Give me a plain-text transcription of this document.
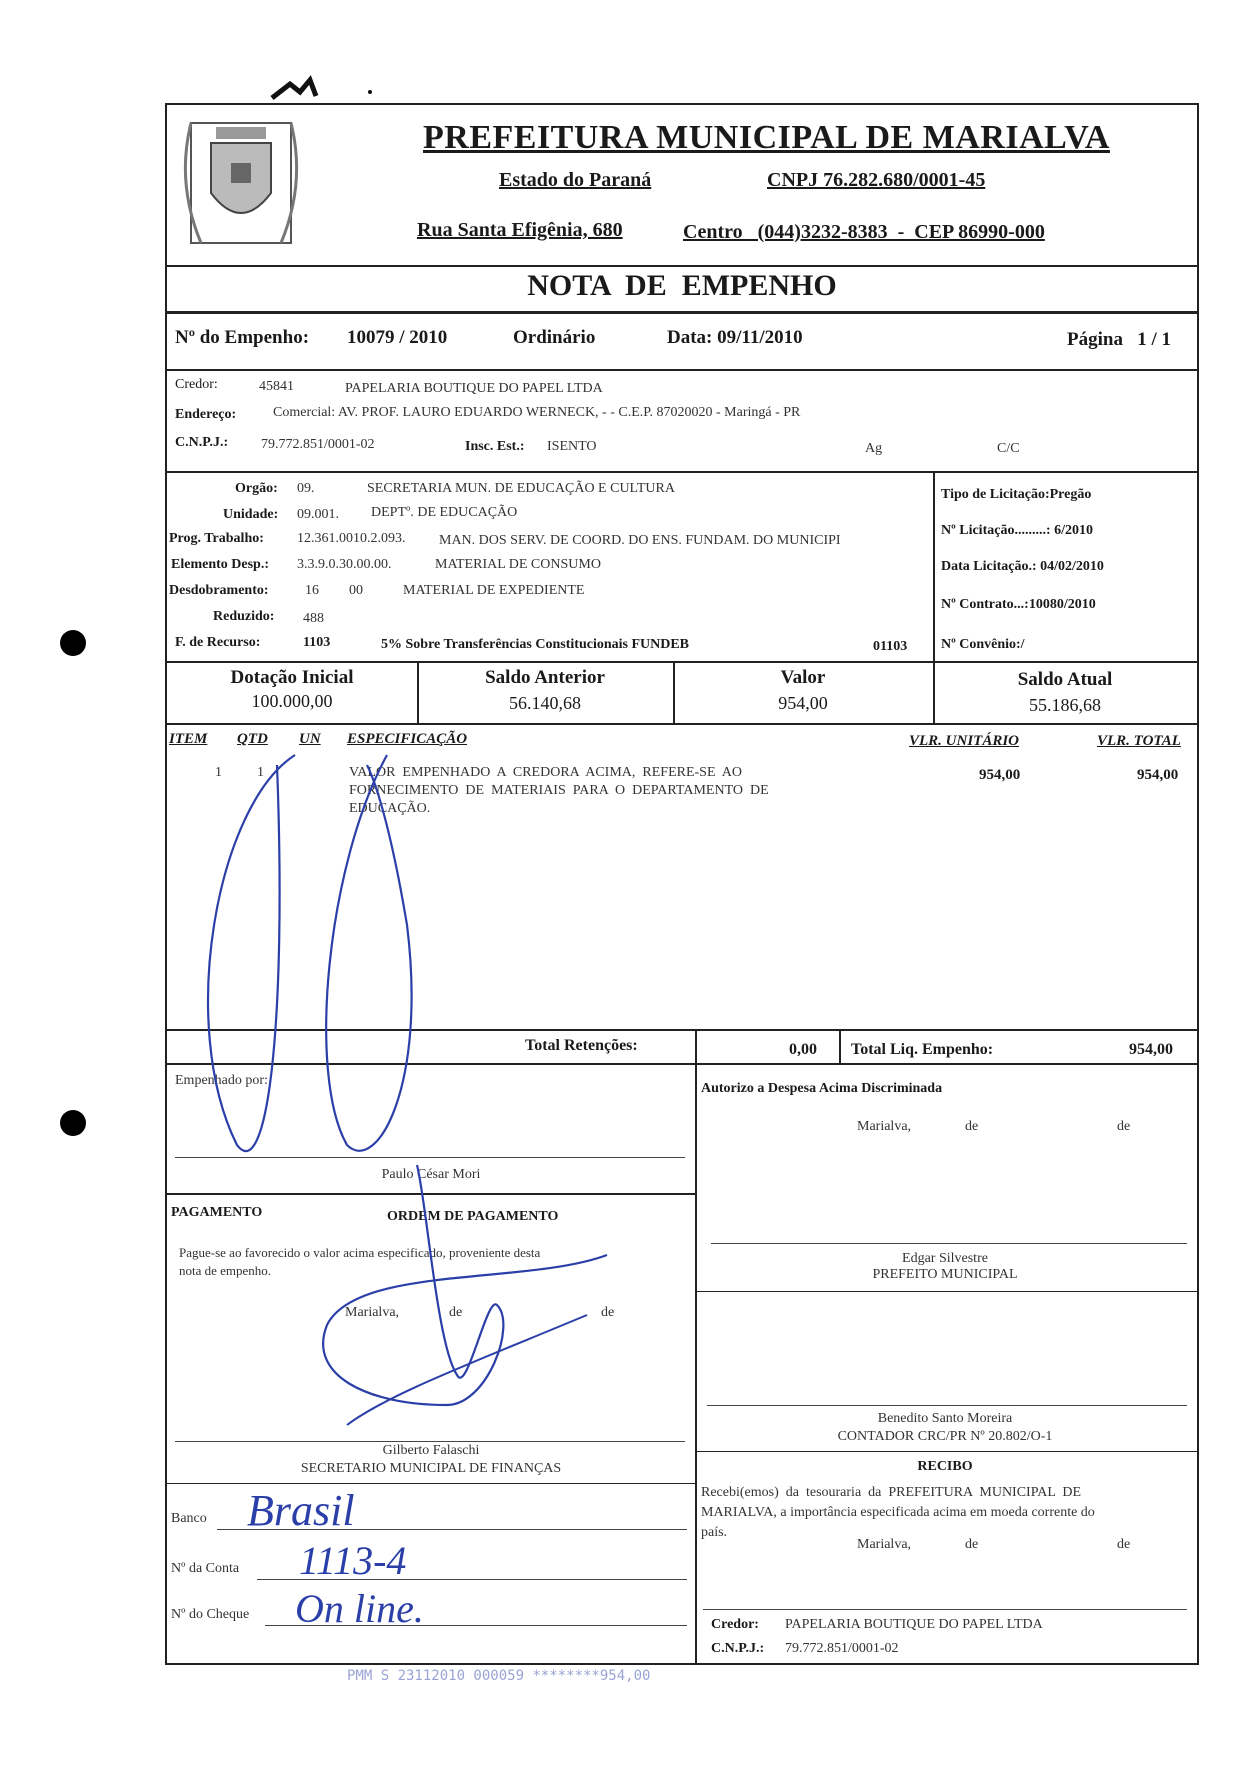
PREFEITURA MUNICIPAL DE MARIALVA
Estado do Paraná	CNPJ 76.282.680/0001-45
Rua Santa Efigênia, 680	Centro   (044)3232-8383  -  CEP 86990-000
NOTA  DE  EMPENHO
Nº do Empenho: 10079 / 2010	Ordinário	Data: 09/11/2010	Página   1 / 1
Credor:	45841	PAPELARIA BOUTIQUE DO PAPEL LTDA
Endereço:	Comercial: AV. PROF. LAURO EDUARDO WERNECK, - - C.E.P. 87020020 - Maringá - PR
C.N.P.J.: 79.772.851/0001-02	Insc. Est.: ISENTO	Ag	C/C
Orgão: 09.	SECRETARIA MUN. DE EDUCAÇÃO E CULTURA
Unidade: 09.001. DEPTº. DE EDUCAÇÃO
Prog. Trabalho: 12.361.0010.2.093. MAN. DOS SERV. DE COORD. DO ENS. FUNDAM. DO MUNICIPI
Elemento Desp.: 3.3.9.0.30.00.00.	MATERIAL DE CONSUMO
Desdobramento:	16 00	MATERIAL DE EXPEDIENTE
Reduzido: 488
F. de Recurso:	1103	5% Sobre Transferências Constitucionais FUNDEB	01103
Tipo de Licitação:Pregão
Nº Licitação.........: 6/2010
Data Licitação.: 04/02/2010
Nº Contrato...:10080/2010
Nº Convênio:/
Dotação Inicial
100.000,00
Saldo Anterior
56.140,68
Valor
954,00
Saldo Atual
55.186,68
ITEM QTD UN ESPECIFICAÇÃO	VLR. UNITÁRIO	VLR. TOTAL
1	1	VALOR  EMPENHADO  A  CREDORA  ACIMA,  REFERE-SE  AO
FORNECIMENTO  DE  MATERIAIS  PARA  O  DEPARTAMENTO  DE
EDUCAÇÃO.
954,00	954,00
Total Retenções:	0,00 Total Liq. Empenho:	954,00
Empenhado por:
Paulo César Mori
PAGAMENTO	ORDEM DE PAGAMENTO
Pague-se ao favorecido o valor acima especificado, proveniente desta
nota de empenho.
Marialva,	de	de
Gilberto Falaschi
SECRETARIO MUNICIPAL DE FINANÇAS
Banco Brasil
Nº da Conta 1113-4
Nº do Cheque On line.
Autorizo a Despesa Acima Discriminada
Marialva,	de	de
Edgar Silvestre
PREFEITO MUNICIPAL
Benedito Santo Moreira
CONTADOR CRC/PR Nº 20.802/O-1
RECIBO
Recebi(emos)  da  tesouraria  da  PREFEITURA  MUNICIPAL  DE
MARIALVA, a importância especificada acima em moeda corrente do
país.
Marialva,	de	de
Credor: PAPELARIA BOUTIQUE DO PAPEL LTDA
C.N.P.J.: 79.772.851/0001-02
PMM S 23112010 000059 ********954,00
